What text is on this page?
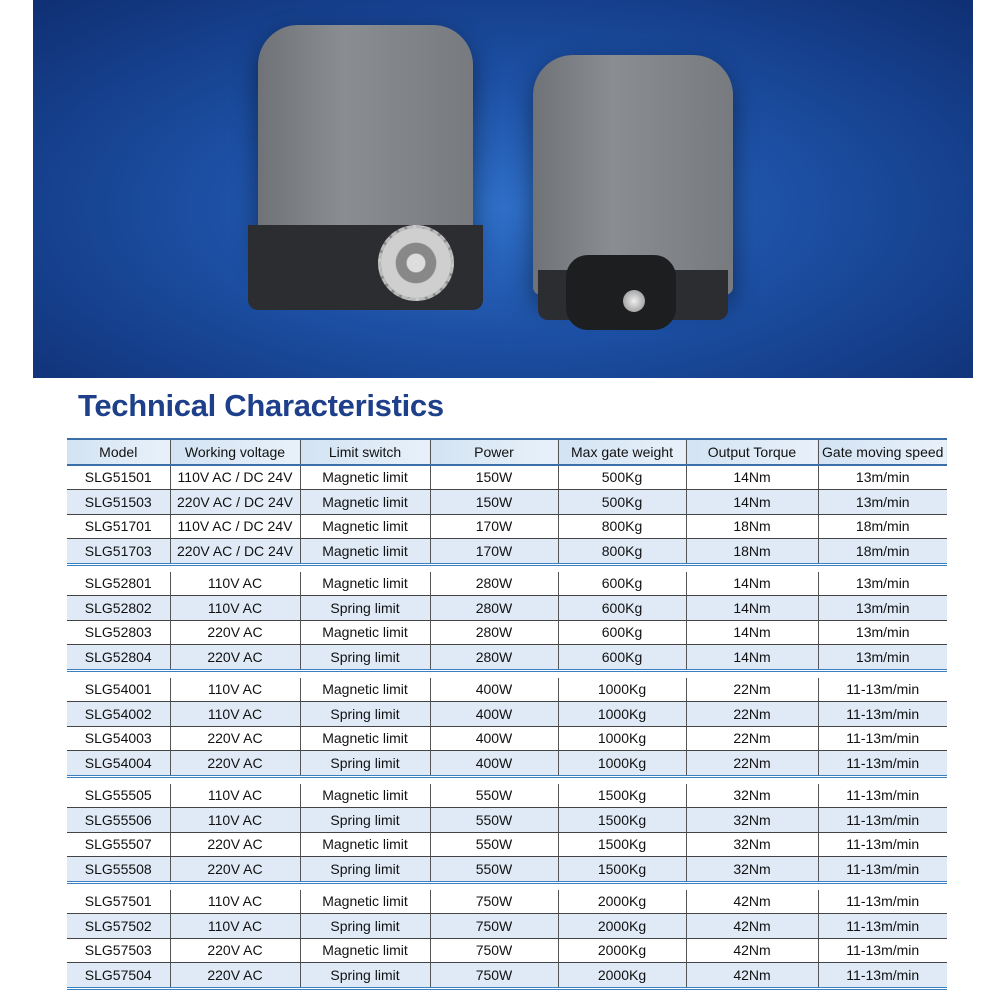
Technical Characteristics
Model	Working voltage	Limit switch	Power	Max gate weight	Output Torque	Gate moving speed
SLG51501	110V AC / DC 24V	Magnetic limit	150W	500Kg	14Nm	13m/min
SLG51503	220V AC / DC 24V	Magnetic limit	150W	500Kg	14Nm	13m/min
SLG51701	110V AC / DC 24V	Magnetic limit	170W	800Kg	18Nm	18m/min
SLG51703	220V AC / DC 24V	Magnetic limit	170W	800Kg	18Nm	18m/min

SLG52801	110V AC	Magnetic limit	280W	600Kg	14Nm	13m/min
SLG52802	110V AC	Spring limit	280W	600Kg	14Nm	13m/min
SLG52803	220V AC	Magnetic limit	280W	600Kg	14Nm	13m/min
SLG52804	220V AC	Spring limit	280W	600Kg	14Nm	13m/min

SLG54001	110V AC	Magnetic limit	400W	1000Kg	22Nm	11-13m/min
SLG54002	110V AC	Spring limit	400W	1000Kg	22Nm	11-13m/min
SLG54003	220V AC	Magnetic limit	400W	1000Kg	22Nm	11-13m/min
SLG54004	220V AC	Spring limit	400W	1000Kg	22Nm	11-13m/min

SLG55505	110V AC	Magnetic limit	550W	1500Kg	32Nm	11-13m/min
SLG55506	110V AC	Spring limit	550W	1500Kg	32Nm	11-13m/min
SLG55507	220V AC	Magnetic limit	550W	1500Kg	32Nm	11-13m/min
SLG55508	220V AC	Spring limit	550W	1500Kg	32Nm	11-13m/min

SLG57501	110V AC	Magnetic limit	750W	2000Kg	42Nm	11-13m/min
SLG57502	110V AC	Spring limit	750W	2000Kg	42Nm	11-13m/min
SLG57503	220V AC	Magnetic limit	750W	2000Kg	42Nm	11-13m/min
SLG57504	220V AC	Spring limit	750W	2000Kg	42Nm	11-13m/min
